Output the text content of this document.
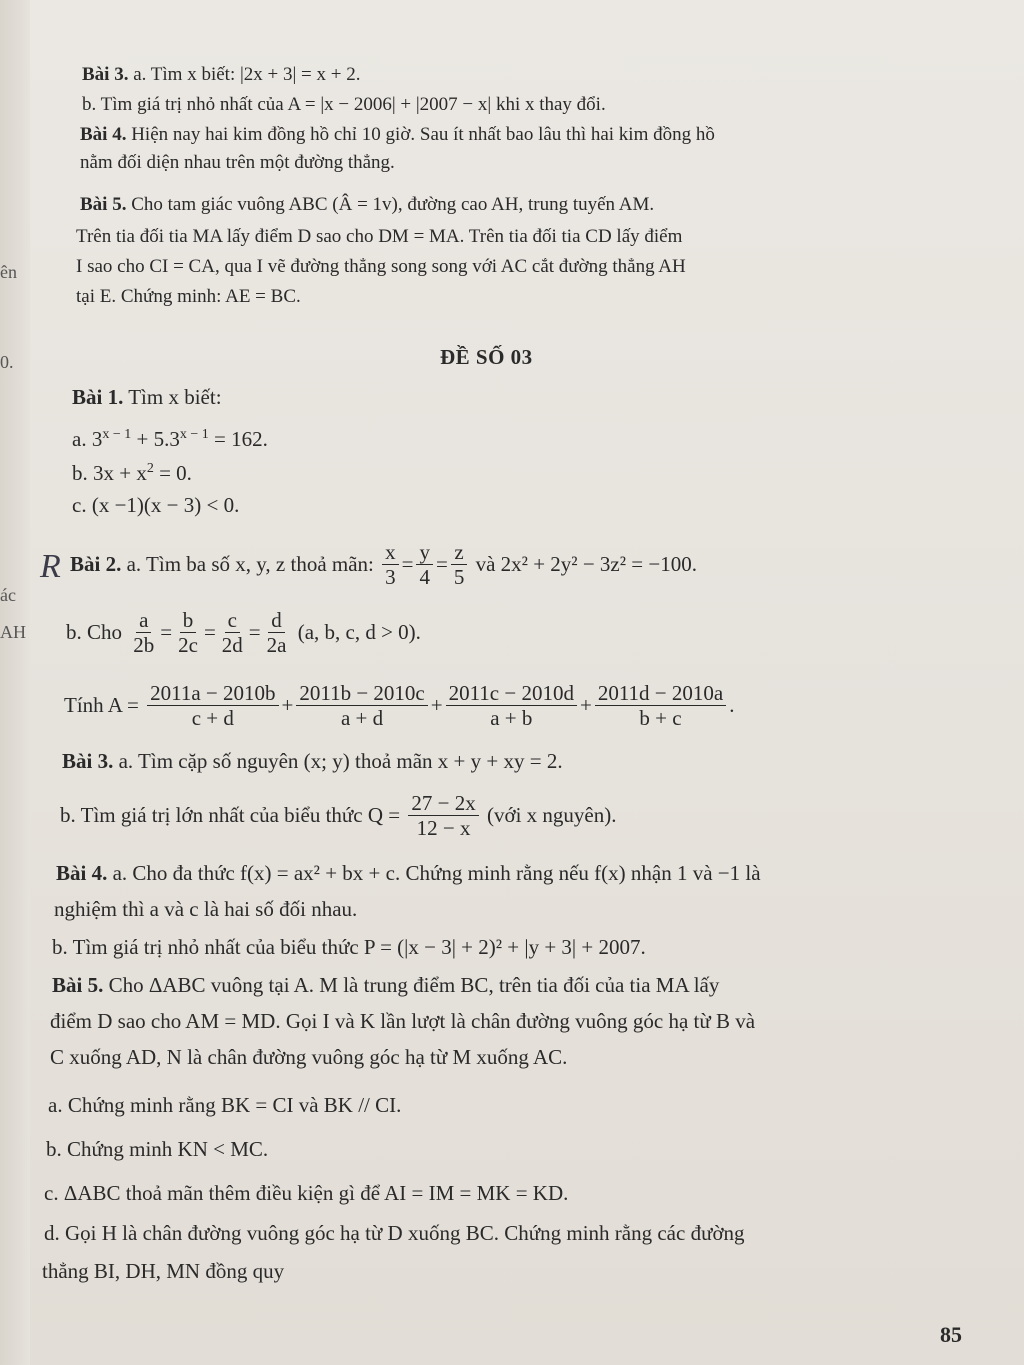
ên
0.
ác
AH
R
Bài 3. a. Tìm x biết: |2x + 3| = x + 2.
b. Tìm giá trị nhỏ nhất của A = |x − 2006| + |2007 − x| khi x thay đổi.
Bài 4. Hiện nay hai kim đồng hồ chỉ 10 giờ. Sau ít nhất bao lâu thì hai kim đồng hồ
nằm đối diện nhau trên một đường thẳng.
Bài 5. Cho tam giác vuông ABC (Â = 1v), đường cao AH, trung tuyến AM.
Trên tia đối tia MA lấy điểm D sao cho DM = MA. Trên tia đối tia CD lấy điểm
I sao cho CI = CA, qua I vẽ đường thẳng song song với AC cắt đường thẳng AH
tại E. Chứng minh: AE = BC.
ĐỀ SỐ 03
Bài 1. Tìm x biết:
a. $3^{x - 1} + 5.3^{x - 1} = 162$.
b. $3x + x^2 = 0$.
c. (x −1)(x − 3) < 0.
Bài 2.
a. Tìm ba số x, y, z thoả mãn:
$\frac{x}{3} = \frac{y}{4} = \frac{z}{5}$
và 2x² + 2y² − 3z² = −100.
b. Cho
$\frac{a}{2b} = \frac{b}{2c} = \frac{c}{2d} = \frac{d}{2a}$
(a, b, c, d > 0).
Tính A =
$\frac{2011a - 2010b}{c + d} + \frac{2011b - 2010c}{a + d} + \frac{2011c - 2010d}{a + b} + \frac{2011d - 2010a}{b + c}$ .
Bài 3. a. Tìm cặp số nguyên (x; y) thoả mãn x + y + xy = 2.
b. Tìm giá trị lớn nhất của biểu thức Q =
$\frac{27 - 2x}{12 - x}$
(với x nguyên).
Bài 4. a. Cho đa thức f(x) = ax² + bx + c. Chứng minh rằng nếu f(x) nhận 1 và −1 là
nghiệm thì a và c là hai số đối nhau.
b. Tìm giá trị nhỏ nhất của biểu thức P = (|x − 3| + 2)² + |y + 3| + 2007.
Bài 5. Cho ΔABC vuông tại A. M là trung điểm BC, trên tia đối của tia MA lấy
điểm D sao cho AM = MD. Gọi I và K lần lượt là chân đường vuông góc hạ từ B và
C xuống AD, N là chân đường vuông góc hạ từ M xuống AC.
a. Chứng minh rằng BK = CI và BK // CI.
b. Chứng minh KN < MC.
c. ΔABC thoả mãn thêm điều kiện gì để AI = IM = MK = KD.
d. Gọi H là chân đường vuông góc hạ từ D xuống BC. Chứng minh rằng các đường
thẳng BI, DH, MN đồng quy
85
